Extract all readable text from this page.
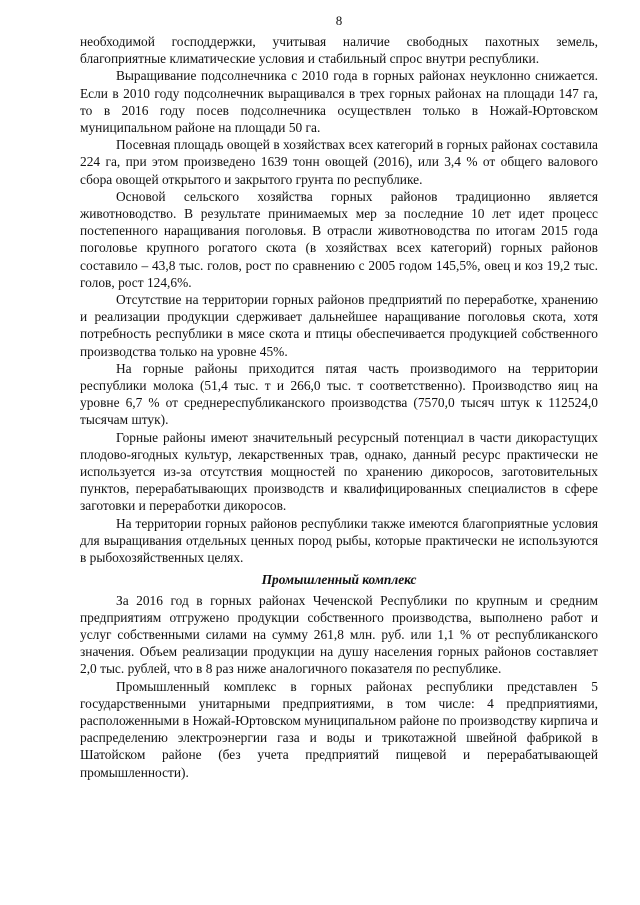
8

необходимой господдержки, учитывая наличие свободных пахотных земель, благоприятные климатические условия и стабильный спрос внутри республики.

Выращивание подсолнечника с 2010 года в горных районах неуклонно снижается. Если в 2010 году подсолнечник выращивался в трех горных районах на площади 147 га, то в 2016 году посев подсолнечника осуществлен только в Ножай-Юртовском муниципальном районе на площади 50 га.

Посевная площадь овощей в хозяйствах всех категорий в горных районах составила 224 га, при этом произведено 1639 тонн овощей (2016), или 3,4 % от общего валового сбора овощей открытого и закрытого грунта по республике.

Основой сельского хозяйства горных районов традиционно является животноводство. В результате принимаемых мер за последние 10 лет идет процесс постепенного наращивания поголовья. В отрасли животноводства по итогам 2015 года поголовье крупного рогатого скота (в хозяйствах всех категорий) горных районов составило – 43,8 тыс. голов, рост по сравнению с 2005 годом 145,5%, овец и коз 19,2 тыс. голов, рост 124,6%.

Отсутствие на территории горных районов предприятий по переработке, хранению и реализации продукции сдерживает дальнейшее наращивание поголовья скота, хотя потребность республики в мясе скота и птицы обеспечивается продукцией собственного производства только на уровне 45%.

На горные районы приходится пятая часть производимого на территории республики молока (51,4 тыс. т и 266,0 тыс. т соответственно). Производство яиц на уровне 6,7 % от среднереспубликанского производства (7570,0 тысяч штук к 112524,0 тысячам штук).

Горные районы имеют значительный ресурсный потенциал в части дикорастущих плодово-ягодных культур, лекарственных трав, однако, данный ресурс практически не используется из-за отсутствия мощностей по хранению дикоросов, заготовительных пунктов, перерабатывающих производств и квалифицированных специалистов в сфере заготовки и переработки дикоросов.

На территории горных районов республики также имеются благоприятные условия для выращивания отдельных ценных пород рыбы, которые практически не используются в рыбохозяйственных целях.

Промышленный комплекс

За 2016 год в горных районах Чеченской Республики по крупным и средним предприятиям отгружено продукции собственного производства, выполнено работ и услуг собственными силами на сумму 261,8 млн. руб. или 1,1 % от республиканского значения. Объем реализации продукции на душу населения горных районов составляет 2,0 тыс. рублей, что в 8 раз ниже аналогичного показателя по республике.

Промышленный комплекс в горных районах республики представлен 5 государственными унитарными предприятиями, в том числе: 4 предприятиями, расположенными в Ножай-Юртовском муниципальном районе по производству кирпича и распределению электроэнергии газа и воды и трикотажной швейной фабрикой в Шатойском районе (без учета предприятий пищевой и перерабатывающей промышленности).
